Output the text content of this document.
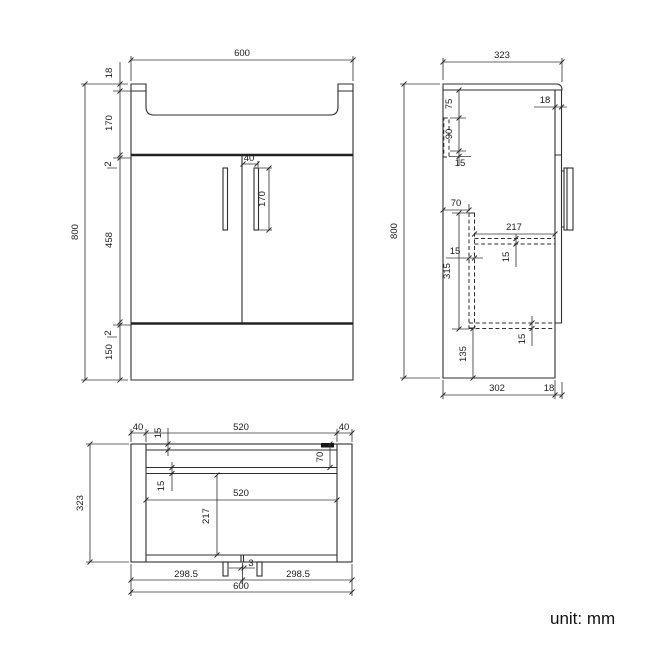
600
800
18
170
2
458
2
150
40
170
323
800
18
75
90
15
70
315
15
217
15
15
135
302	18
40	520	40
15
70
15
520
217
323
3
298.5	298.5
600
unit: mm
